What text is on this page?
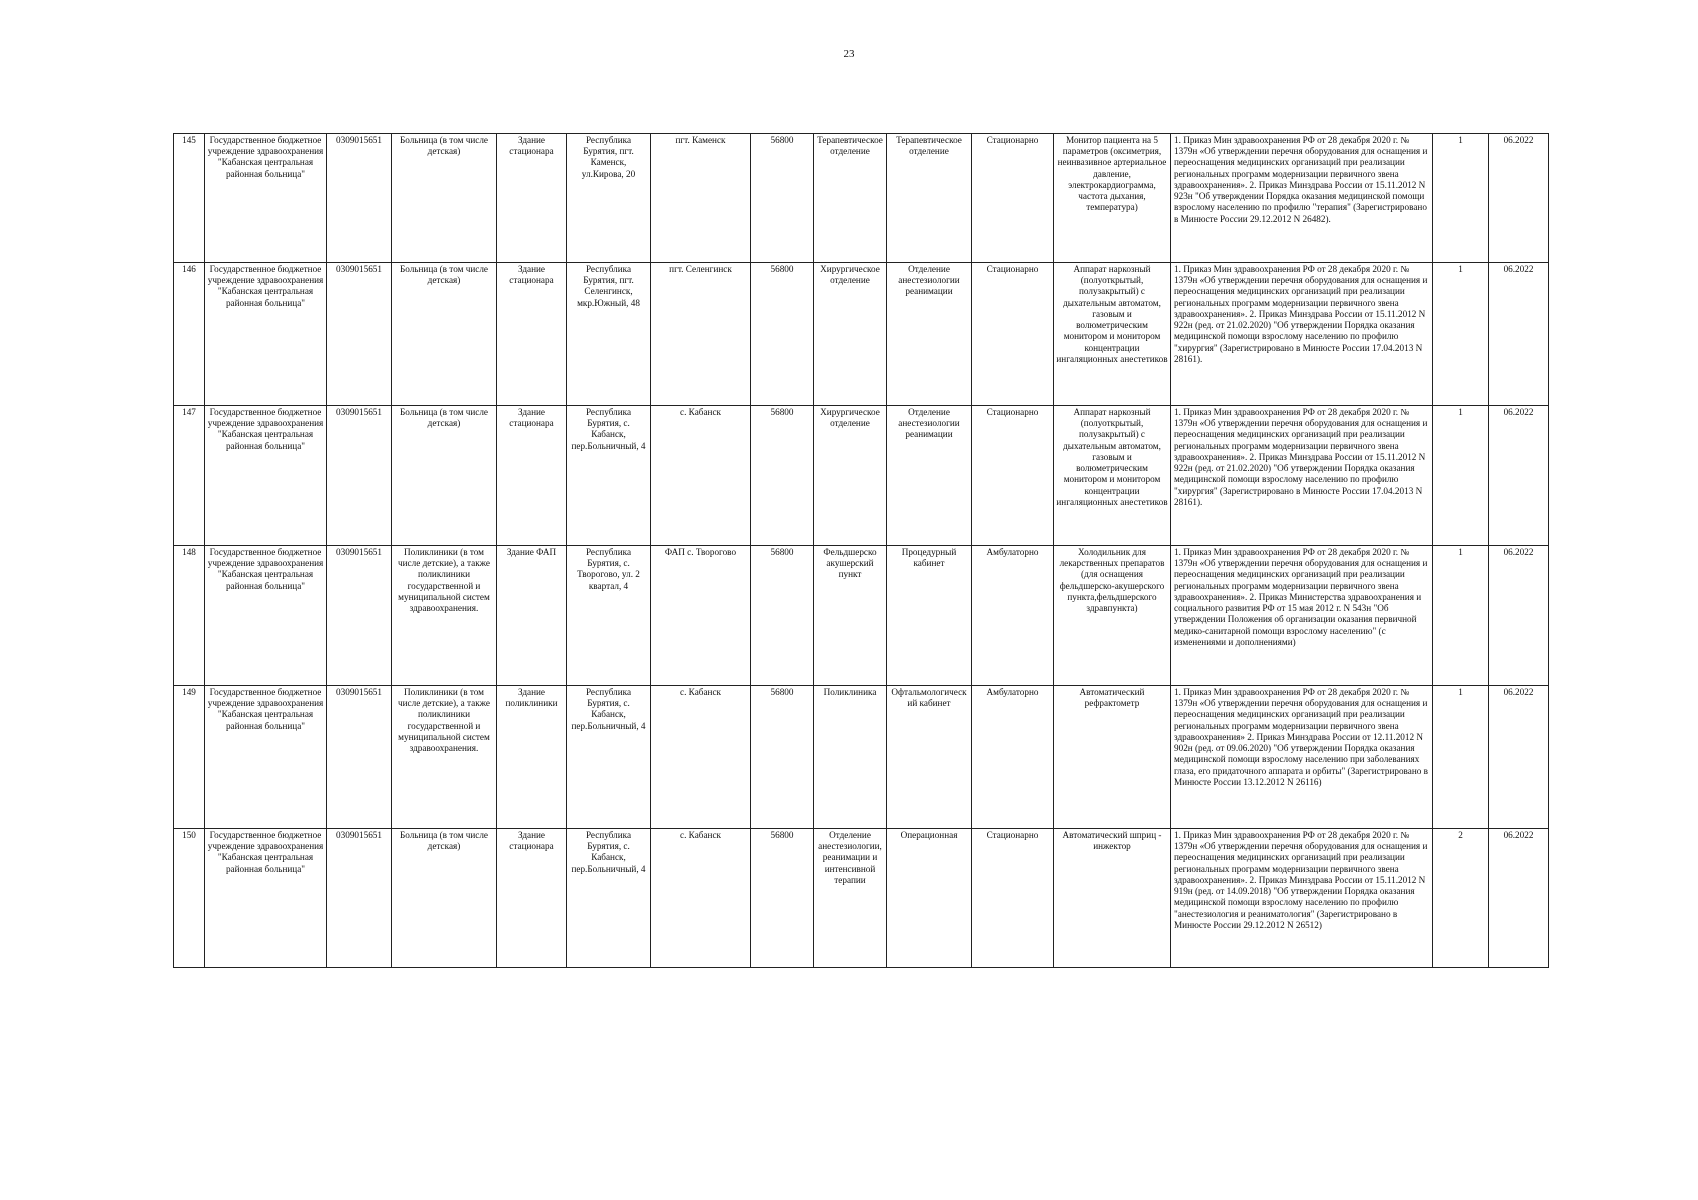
23
145	Государственное бюджетное учреждение здравоохранения "Кабанская центральная районная больница"	0309015651	Больница (в том числе детская)	Здание стационара	Республика Бурятия, пгт. Каменск, ул.Кирова, 20	пгт. Каменск	56800	Терапевтическое отделение	Терапевтическое отделение	Стационарно	Монитор пациента на 5 параметров (оксиметрия, неинвазивное артериальное давление, электрокардиограмма, частота дыхания, температура)	1. Приказ Мин здравоохранения РФ от 28 декабря 2020 г. № 1379н «Об утверждении перечня оборудования для оснащения и переоснащения медицинских организаций при реализации региональных программ модернизации первичного звена здравоохранения». 2. Приказ Минздрава России от 15.11.2012 N 923н "Об утверждении Порядка оказания медицинской помощи взрослому населению по профилю "терапия" (Зарегистрировано в Минюсте России 29.12.2012 N 26482).	1	06.2022
146	Государственное бюджетное учреждение здравоохранения "Кабанская центральная районная больница"	0309015651	Больница (в том числе детская)	Здание стационара	Республика Бурятия, пгт. Селенгинск, мкр.Южный, 48	пгт. Селенгинск	56800	Хирургическое отделение	Отделение анестезиологии реанимации	Стационарно	Аппарат наркозный (полуоткрытый, полузакрытый) с дыхательным автоматом, газовым и волюметрическим монитором и монитором концентрации ингаляционных анестетиков	1. Приказ Мин здравоохранения РФ от 28 декабря 2020 г. № 1379н «Об утверждении перечня оборудования для оснащения и переоснащения медицинских организаций при реализации региональных программ модернизации первичного звена здравоохранения». 2. Приказ Минздрава России от 15.11.2012 N 922н (ред. от 21.02.2020) "Об утверждении Порядка оказания медицинской помощи взрослому населению по профилю "хирургия" (Зарегистрировано в Минюсте России 17.04.2013 N 28161).	1	06.2022
147	Государственное бюджетное учреждение здравоохранения "Кабанская центральная районная больница"	0309015651	Больница (в том числе детская)	Здание стационара	Республика Бурятия, с. Кабанск, пер.Больничный, 4	с. Кабанск	56800	Хирургическое отделение	Отделение анестезиологии реанимации	Стационарно	Аппарат наркозный (полуоткрытый, полузакрытый) с дыхательным автоматом, газовым и волюметрическим монитором и монитором концентрации ингаляционных анестетиков	1. Приказ Мин здравоохранения РФ от 28 декабря 2020 г. № 1379н «Об утверждении перечня оборудования для оснащения и переоснащения медицинских организаций при реализации региональных программ модернизации первичного звена здравоохранения». 2. Приказ Минздрава России от 15.11.2012 N 922н (ред. от 21.02.2020) "Об утверждении Порядка оказания медицинской помощи взрослому населению по профилю "хирургия" (Зарегистрировано в Минюсте России 17.04.2013 N 28161).	1	06.2022
148	Государственное бюджетное учреждение здравоохранения "Кабанская центральная районная больница"	0309015651	Поликлиники (в том числе детские), а также поликлиники государственной и муниципальной систем здравоохранения.	Здание ФАП	Республика Бурятия, с. Творогово, ул. 2 квартал, 4	ФАП с. Творогово	56800	Фельдшерско акушерский пункт	Процедурный кабинет	Амбулаторно	Холодильник для лекарственных препаратов (для оснащения фельдшерско-акушерского пункта,фельдшерского здравпункта)	1. Приказ Мин здравоохранения РФ от 28 декабря 2020 г. № 1379н «Об утверждении перечня оборудования для оснащения и переоснащения медицинских организаций при реализации региональных программ модернизации первичного звена здравоохранения». 2. Приказ Министерства здравоохранения и социального развития РФ от 15 мая 2012 г. N 543н "Об утверждении Положения об организации оказания первичной медико-санитарной помощи взрослому населению" (с изменениями и дополнениями)	1	06.2022
149	Государственное бюджетное учреждение здравоохранения "Кабанская центральная районная больница"	0309015651	Поликлиники (в том числе детские), а также поликлиники государственной и муниципальной систем здравоохранения.	Здание поликлиники	Республика Бурятия, с. Кабанск, пер.Больничный, 4	с. Кабанск	56800	Поликлиника	Офтальмологический кабинет	Амбулаторно	Автоматический рефрактометр	1. Приказ Мин здравоохранения РФ от 28 декабря 2020 г. № 1379н «Об утверждении перечня оборудования для оснащения и переоснащения медицинских организаций при реализации региональных программ модернизации первичного звена здравоохранения» 2. Приказ Минздрава России от 12.11.2012 N 902н (ред. от 09.06.2020) "Об утверждении Порядка оказания медицинской помощи взрослому населению при заболеваниях глаза, его придаточного аппарата и орбиты" (Зарегистрировано в Минюсте России 13.12.2012 N 26116)	1	06.2022
150	Государственное бюджетное учреждение здравоохранения "Кабанская центральная районная больница"	0309015651	Больница (в том числе детская)	Здание стационара	Республика Бурятия, с. Кабанск, пер.Больничный, 4	с. Кабанск	56800	Отделение анестезиологии, реанимации и интенсивной терапии	Операционная	Стационарно	Автоматический шприц - инжектор	1. Приказ Мин здравоохранения РФ от 28 декабря 2020 г. № 1379н «Об утверждении перечня оборудования для оснащения и переоснащения медицинских организаций при реализации региональных программ модернизации первичного звена здравоохранения». 2. Приказ Минздрава России от 15.11.2012 N 919н (ред. от 14.09.2018) "Об утверждении Порядка оказания медицинской помощи взрослому населению по профилю "анестезиология и реаниматология" (Зарегистрировано в Минюсте России 29.12.2012 N 26512)	2	06.2022
